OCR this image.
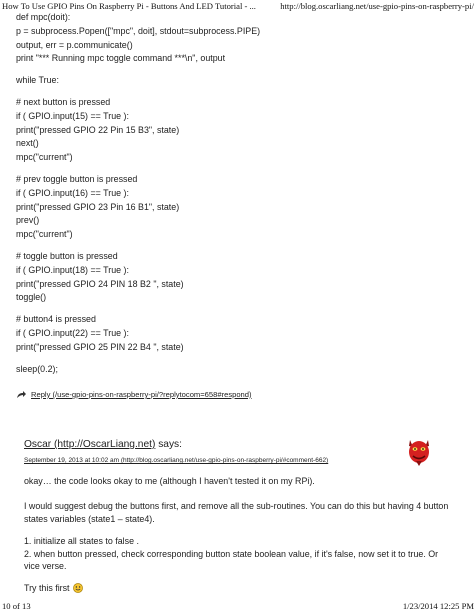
How To Use GPIO Pins On Raspberry Pi - Buttons And LED Tutorial - ...	http://blog.oscarliang.net/use-gpio-pins-on-raspberry-pi/
def mpc(doit):
p = subprocess.Popen(["mpc", doit], stdout=subprocess.PIPE)
output, err = p.communicate()
print "*** Running mpc toggle command ***\n", output
while True:
# next button is pressed
if ( GPIO.input(15) == True ):
print("pressed GPIO 22 Pin 15 B3", state)
next()
mpc("current")
# prev toggle button is pressed
if ( GPIO.input(16) == True ):
print("pressed GPIO 23 Pin 16 B1", state)
prev()
mpc("current")
# toggle button is pressed
if ( GPIO.input(18) == True ):
print("pressed GPIO 24 PIN 18 B2 ", state)
toggle()
# button4 is pressed
if ( GPIO.input(22) == True ):
print("pressed GPIO 25 PIN 22 B4 ", state)
sleep(0.2);
Reply (/use-gpio-pins-on-raspberry-pi/?replytocom=658#respond)
Oscar (http://OscarLiang.net) says:
September 19, 2013 at 10:02 am (http://blog.oscarliang.net/use-gpio-pins-on-raspberry-pi/#comment-662)
okay… the code looks okay to me (although I haven't tested it on my RPi).
I would suggest debug the buttons first, and remove all the sub-routines. You can do this but having 4 button states variables (state1 – state4).
1. initialize all states to false .
2. when button pressed, check corresponding button state boolean value, if it's false, now set it to true. Or vice verse.
Try this first
10 of 13	1/23/2014 12:25 PM
